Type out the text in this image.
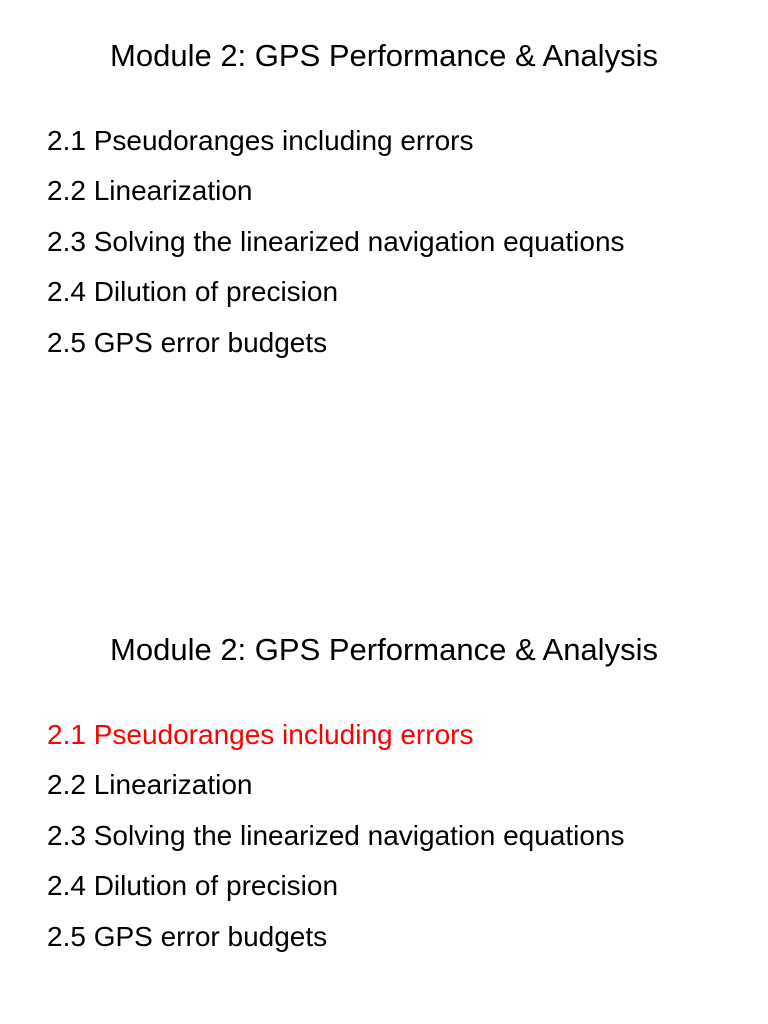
Module 2: GPS Performance & Analysis
2.1 Pseudoranges including errors
2.2 Linearization
2.3 Solving the linearized navigation equations
2.4 Dilution of precision
2.5 GPS error budgets
Module 2: GPS Performance & Analysis
2.1 Pseudoranges including errors
2.2 Linearization
2.3 Solving the linearized navigation equations
2.4 Dilution of precision
2.5 GPS error budgets
